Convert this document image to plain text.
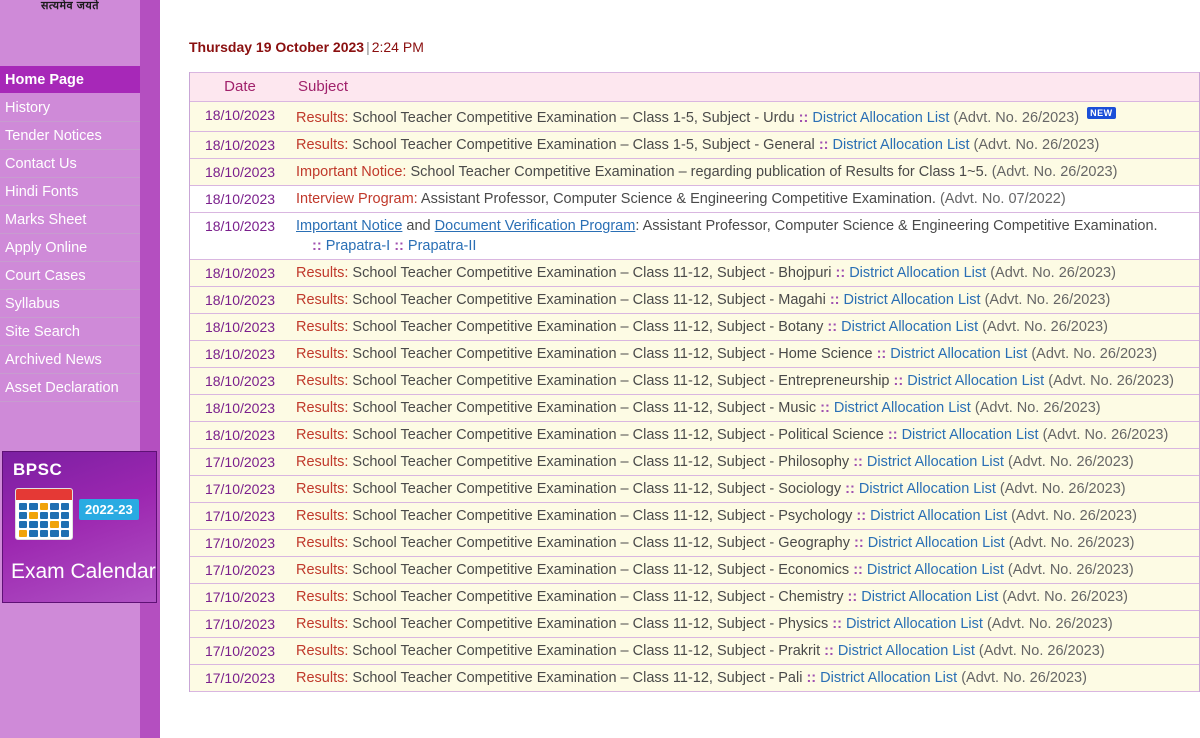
सत्यमेव जयते
Home Page
History
Tender Notices
Contact Us
Hindi Fonts
Marks Sheet
Apply Online
Court Cases
Syllabus
Site Search
Archived News
Asset Declaration
BPSC
2022-23
Exam Calendar
Thursday 19 October 2023 | 2:24 PM
Date	Subject
18/10/2023	Results: School Teacher Competitive Examination – Class 1-5, Subject - Urdu :: District Allocation List (Advt. No. 26/2023) NEW
18/10/2023	Results: School Teacher Competitive Examination – Class 1-5, Subject - General :: District Allocation List (Advt. No. 26/2023)
18/10/2023	Important Notice: School Teacher Competitive Examination – regarding publication of Results for Class 1~5. (Advt. No. 26/2023)
18/10/2023	Interview Program: Assistant Professor, Computer Science & Engineering Competitive Examination. (Advt. No. 07/2022)
18/10/2023	Important Notice and Document Verification Program: Assistant Professor, Computer Science & Engineering Competitive Examination.
:: Prapatra-I :: Prapatra-II

18/10/2023	Results: School Teacher Competitive Examination – Class 11-12, Subject - Bhojpuri :: District Allocation List (Advt. No. 26/2023)
18/10/2023	Results: School Teacher Competitive Examination – Class 11-12, Subject - Magahi :: District Allocation List (Advt. No. 26/2023)
18/10/2023	Results: School Teacher Competitive Examination – Class 11-12, Subject - Botany :: District Allocation List (Advt. No. 26/2023)
18/10/2023	Results: School Teacher Competitive Examination – Class 11-12, Subject - Home Science :: District Allocation List (Advt. No. 26/2023)
18/10/2023	Results: School Teacher Competitive Examination – Class 11-12, Subject - Entrepreneurship :: District Allocation List (Advt. No. 26/2023)
18/10/2023	Results: School Teacher Competitive Examination – Class 11-12, Subject - Music :: District Allocation List (Advt. No. 26/2023)
18/10/2023	Results: School Teacher Competitive Examination – Class 11-12, Subject - Political Science :: District Allocation List (Advt. No. 26/2023)
17/10/2023	Results: School Teacher Competitive Examination – Class 11-12, Subject - Philosophy :: District Allocation List (Advt. No. 26/2023)
17/10/2023	Results: School Teacher Competitive Examination – Class 11-12, Subject - Sociology :: District Allocation List (Advt. No. 26/2023)
17/10/2023	Results: School Teacher Competitive Examination – Class 11-12, Subject - Psychology :: District Allocation List (Advt. No. 26/2023)
17/10/2023	Results: School Teacher Competitive Examination – Class 11-12, Subject - Geography :: District Allocation List (Advt. No. 26/2023)
17/10/2023	Results: School Teacher Competitive Examination – Class 11-12, Subject - Economics :: District Allocation List (Advt. No. 26/2023)
17/10/2023	Results: School Teacher Competitive Examination – Class 11-12, Subject - Chemistry :: District Allocation List (Advt. No. 26/2023)
17/10/2023	Results: School Teacher Competitive Examination – Class 11-12, Subject - Physics :: District Allocation List (Advt. No. 26/2023)
17/10/2023	Results: School Teacher Competitive Examination – Class 11-12, Subject - Prakrit :: District Allocation List (Advt. No. 26/2023)
17/10/2023	Results: School Teacher Competitive Examination – Class 11-12, Subject - Pali :: District Allocation List (Advt. No. 26/2023)
